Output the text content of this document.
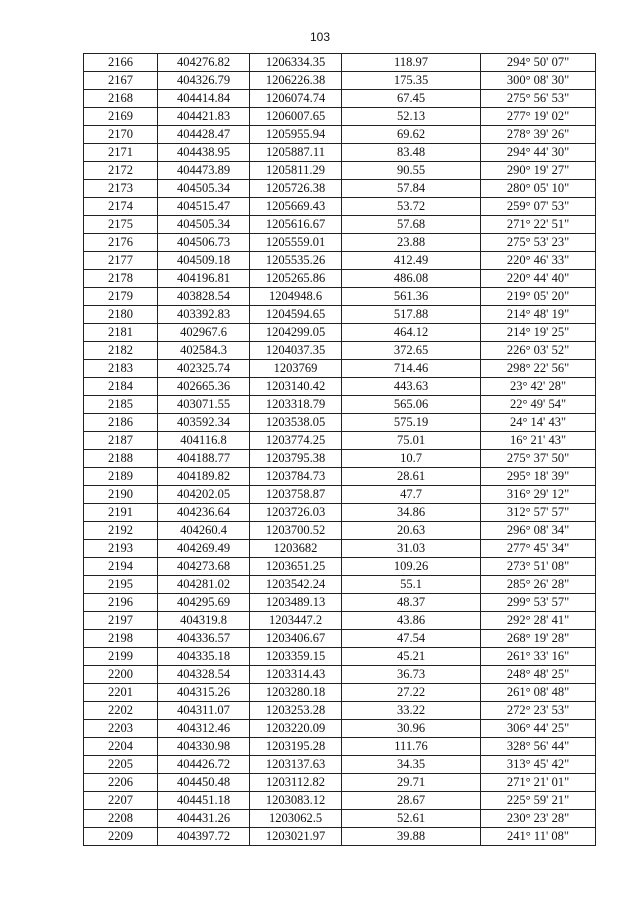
103
2166	404276.82	1206334.35	118.97	294° 50' 07"
2167	404326.79	1206226.38	175.35	300° 08' 30"
2168	404414.84	1206074.74	67.45	275° 56' 53"
2169	404421.83	1206007.65	52.13	277° 19' 02"
2170	404428.47	1205955.94	69.62	278° 39' 26"
2171	404438.95	1205887.11	83.48	294° 44' 30"
2172	404473.89	1205811.29	90.55	290° 19' 27"
2173	404505.34	1205726.38	57.84	280° 05' 10"
2174	404515.47	1205669.43	53.72	259° 07' 53"
2175	404505.34	1205616.67	57.68	271° 22' 51"
2176	404506.73	1205559.01	23.88	275° 53' 23"
2177	404509.18	1205535.26	412.49	220° 46' 33"
2178	404196.81	1205265.86	486.08	220° 44' 40"
2179	403828.54	1204948.6	561.36	219° 05' 20"
2180	403392.83	1204594.65	517.88	214° 48' 19"
2181	402967.6	1204299.05	464.12	214° 19' 25"
2182	402584.3	1204037.35	372.65	226° 03' 52"
2183	402325.74	1203769	714.46	298° 22' 56"
2184	402665.36	1203140.42	443.63	23° 42' 28"
2185	403071.55	1203318.79	565.06	22° 49' 54"
2186	403592.34	1203538.05	575.19	24° 14' 43"
2187	404116.8	1203774.25	75.01	16° 21' 43"
2188	404188.77	1203795.38	10.7	275° 37' 50"
2189	404189.82	1203784.73	28.61	295° 18' 39"
2190	404202.05	1203758.87	47.7	316° 29' 12"
2191	404236.64	1203726.03	34.86	312° 57' 57"
2192	404260.4	1203700.52	20.63	296° 08' 34"
2193	404269.49	1203682	31.03	277° 45' 34"
2194	404273.68	1203651.25	109.26	273° 51' 08"
2195	404281.02	1203542.24	55.1	285° 26' 28"
2196	404295.69	1203489.13	48.37	299° 53' 57"
2197	404319.8	1203447.2	43.86	292° 28' 41"
2198	404336.57	1203406.67	47.54	268° 19' 28"
2199	404335.18	1203359.15	45.21	261° 33' 16"
2200	404328.54	1203314.43	36.73	248° 48' 25"
2201	404315.26	1203280.18	27.22	261° 08' 48"
2202	404311.07	1203253.28	33.22	272° 23' 53"
2203	404312.46	1203220.09	30.96	306° 44' 25"
2204	404330.98	1203195.28	111.76	328° 56' 44"
2205	404426.72	1203137.63	34.35	313° 45' 42"
2206	404450.48	1203112.82	29.71	271° 21' 01"
2207	404451.18	1203083.12	28.67	225° 59' 21"
2208	404431.26	1203062.5	52.61	230° 23' 28"
2209	404397.72	1203021.97	39.88	241° 11' 08"
